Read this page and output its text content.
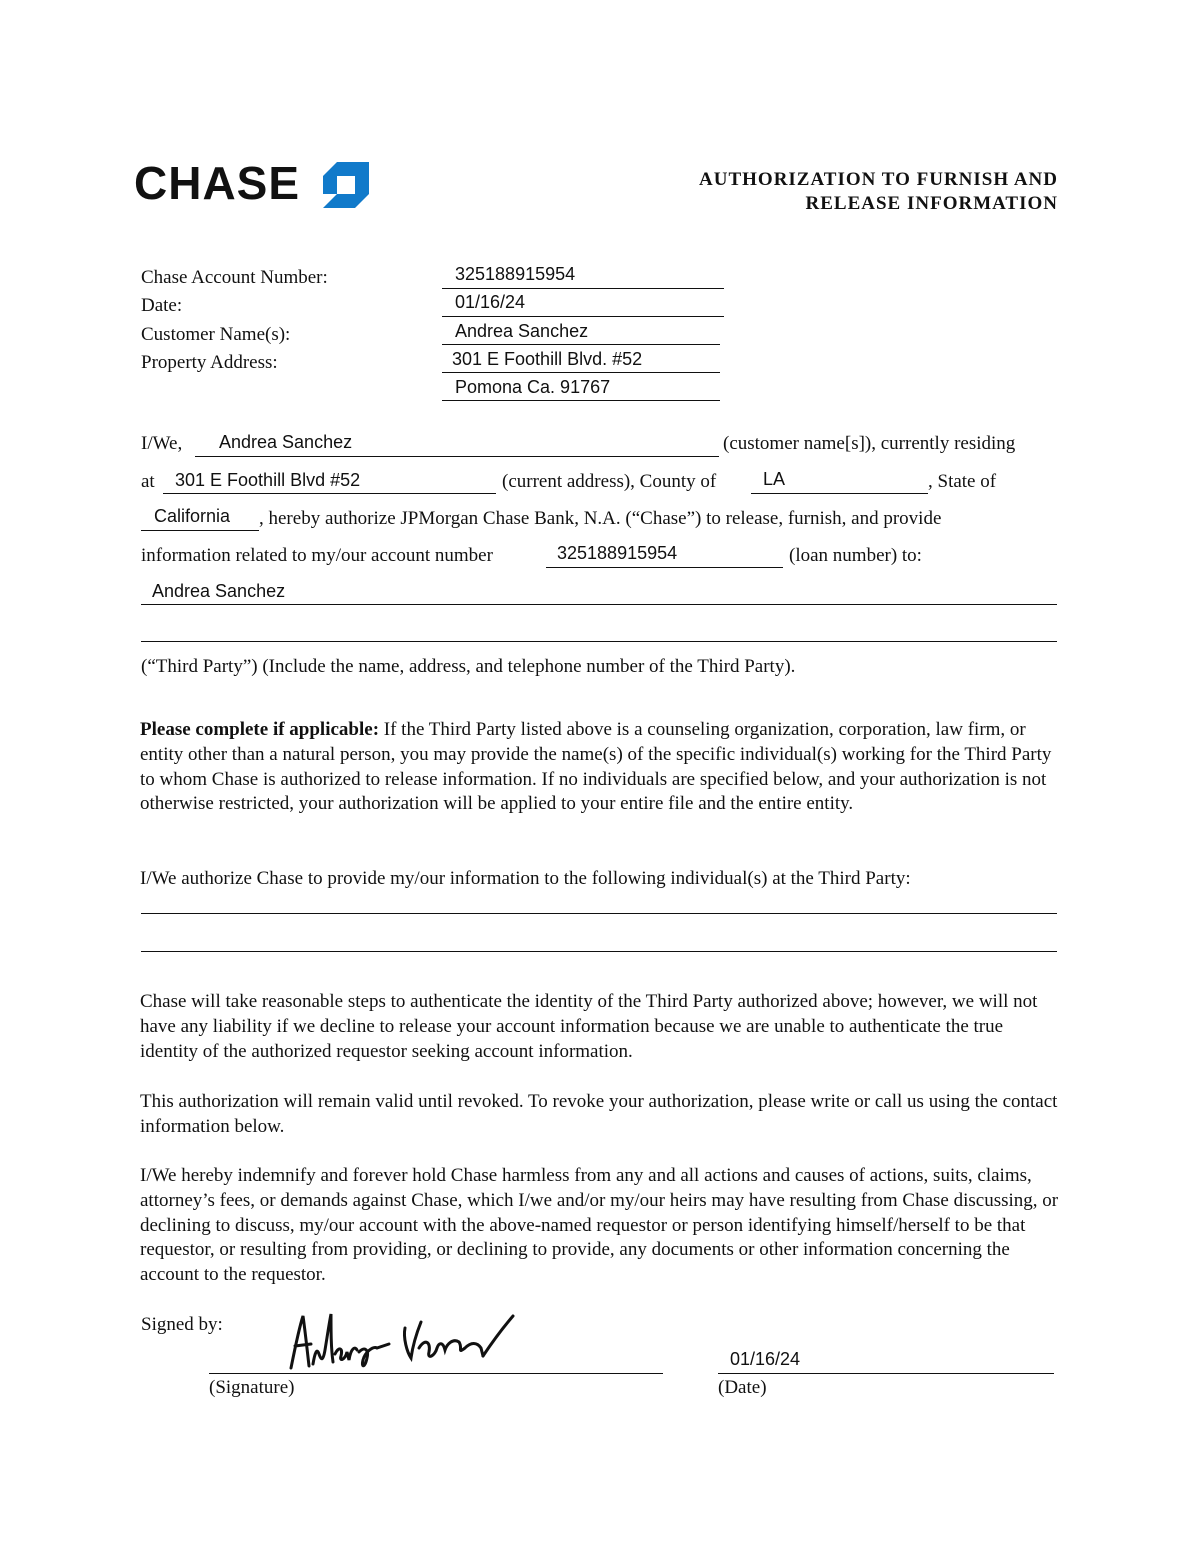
CHASE	AUTHORIZATION TO FURNISH AND
RELEASE INFORMATION
Chase Account Number:	325188915954
Date:	01/16/24
Customer Name(s):	Andrea Sanchez
Property Address:	301 E Foothill Blvd. #52
Pomona Ca. 91767
I/We, Andrea Sanchez	(customer name[s]), currently residing
at 301 E Foothill Blvd #52	(current address), County of	LA	, State of
California , hereby authorize JPMorgan Chase Bank, N.A. (“Chase”) to release, furnish, and provide
information related to my/our account number	325188915954	(loan number) to:
Andrea Sanchez
(“Third Party”) (Include the name, address, and telephone number of the Third Party).
Please complete if applicable: If the Third Party listed above is a counseling organization, corporation, law firm, or entity other than a natural person, you may provide the name(s) of the specific individual(s) working for the Third Party to whom Chase is authorized to release information. If no individuals are specified below, and your authorization is not otherwise restricted, your authorization will be applied to your entire file and the entire entity.
I/We authorize Chase to provide my/our information to the following individual(s) at the Third Party:
Chase will take reasonable steps to authenticate the identity of the Third Party authorized above; however, we will not have any liability if we decline to release your account information because we are unable to authenticate the true identity of the authorized requestor seeking account information.
This authorization will remain valid until revoked. To revoke your authorization, please write or call us using the contact information below.
I/We hereby indemnify and forever hold Chase harmless from any and all actions and causes of actions, suits, claims, attorney’s fees, or demands against Chase, which I/we and/or my/our heirs may have resulting from Chase discussing, or declining to discuss, my/our account with the above-named requestor or person identifying himself/herself to be that requestor, or resulting from providing, or declining to provide, any documents or other information concerning the account to the requestor.
Signed by:
(Signature)
01/16/24
(Date)
